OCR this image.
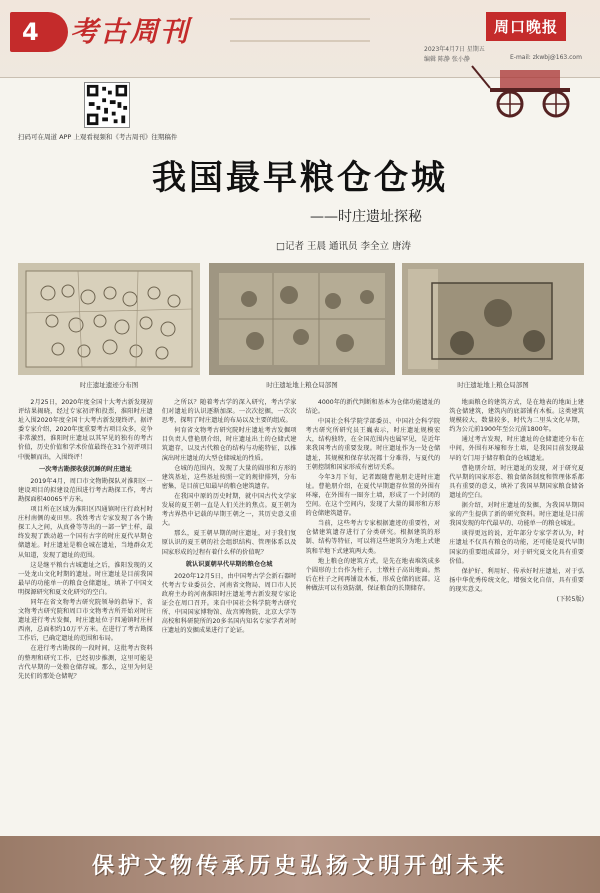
4	考古周刊	周口晚报
2023年4月7日 星期五
编辑 陈静 张小静	E-mail: zkwbj@163.com
扫码可在周道 APP 上观看视频和《考古周刊》往期稿件
我国最早粮仓仓城
——时庄遗址探秘
□记者 王晨 通讯员 李全立 唐涛
时庄遗址遗迹分布图	时庄遗址地上粮仓局部图	时庄遗址地上粮仓局部图

2月25日，2020年度全国十大考古新发现初评结果揭晓，经过专家初评和投票，淮阳时庄遗址入围2020年度全国十大考古新发现终评。据评委专家介绍，2020年度重要考古项目众多，竞争非常激烈，淮阳时庄遗址以其罕见的独有的考古价值，历史价值和学术价值最终在31个初评项目中脱颖而出，入围终评！

一次考古勘探收获沉睡的时庄遗址

2019年4月，周口市文物勘探队对淮阳区一建设项目的拟建设范围进行考古勘探工作，考古勘探面积40065平方米。

项目所在区域为淮阳区四通镇时庄行政村时庄村南侧的麦田里。我姓考古专家发现了各个勘探工人之间，从真叠等等出的一部一铲土样，最终发现了跌动越一个国有古字的时庄夏代早期仓储遗址。时庄遗址是粮仓城在遗址，当地群众无从知道，发现了遗址的范围。

这是继平粮台古城遗址之后，淮阳发现的又一处龙山文化时期的遗址。时庄遗址是目前我国最早的功能单一的粮食仓储遗址，填补了中国文明探源研究和夏文化研究的空白。

同年在省文物考古研究院领导的指导下，省文物考古研究院和周口市文物考古所开始对时庄遗址进行考古发掘，时庄遗址位于四通镇时庄村西南，总面积约10万平方米。在进行了考古勘探工作后，已确定遗址的范围和布局。

在进行考古勘探的一段时间，这批考古资料的整理和研究工作，已经初步推测，这里可能是古代早期的一处粮仓储存城。那么，这里为何是先民们的那处仓储呢？

之所以？随着考古学的深入研究，考古学家们对遗址的认识逐渐加深。一次次挖掘，一次次思考，探明了时庄遗址的布局以及主要的组成。

何育省文物考古研究院时庄遗址考古发掘项目负责人曹艳朋介绍，时庄遗址出土的仓储式建筑遗存，以及古代粮仓的结构与功能特征，以推演出时庄遗址的大型仓储城址的性质。

仓城的范围内，发现了大量的圆形和方形的建筑基址，这些基址按照一定的规律排列，分布密集，是目前已知最早的粮仓建筑遗存。

在我国中原的历史时期，就中国古代文学家发展的夏王朝一直是人们关注的焦点。夏王朝为考古界热中记载的早期王朝之一，其历史意义重大。

那么，夏王朝早期的时庄遗址，对于我们复原认识的夏王朝的社会组织结构、管理体系以及国家形成的过程有着什么样的价值呢？

就认识夏朝早代早期的粮仓仓城

2020年12月5日，由中国考古学会新石器时代考古专业委员会、河南省文物局、周口市人民政府主办的河南淮阳时庄遗址考古新发现专家论证会在周口召开。来自中国社会科学院考古研究所、中国国家博物馆、故宫博物院、北京大学等高校和科研院所的20多名国内知名专家学者对时庄遗址的发掘成果进行了论证。

4000年的新代判断和基本为仓储功能遗址的结论。

中国社会科学院学部委员、中国社会科学院考古研究所研究员王巍表示，时庄遗址规模宏大，结构独特，在全国范围内也属罕见，是近年来我国考古的重要发现。时庄遗址作为一处仓储遗址，其规模和保存状况都十分难得，与夏代的王朝控制和国家形成有密切关系。

今年3月下旬，记者跟随曹艳朋走进时庄遗址。曹艳朋介绍，在夏代早期遗存位置的外围有环壕，在外围有一圈夯土墙，形成了一个封闭的空间。在这个空间内，发现了大量的圆形和方形的仓储建筑遗存。

当前，这些考古专家根据遗迹的重要性，对仓储建筑遗存进行了分类研究。根据建筑的形制、结构等特征，可以将这些建筑分为地上式建筑和半地下式建筑两大类。

地上粮仓的建筑方式，是先在地表堆筑成多个圆形的土台作为柱子，土墩柱子高出地面。然后在柱子之间再铺设木板，形成仓储的底部。这种做法可以有效防潮，保证粮食的长期储存。

地面粮仓的建筑方式，是在地表的地面上建筑仓储建筑，建筑内的底部铺有木板。这类建筑规模较大，数量较多，时代为二里头文化早期，约为公元前1900年至公元前1800年。

通过考古发现，时庄遗址的仓储遗迹分布在中间，外围有环壕和夯土墙，是我国目前发现最早的专门用于储存粮食的仓城遗址。

曹艳朋介绍，时庄遗址的发现，对于研究夏代早期的国家形态、粮食储备制度和管理体系都具有重要的意义，填补了我国早期国家粮食储备遗址的空白。

据介绍，对时庄遗址的发掘，为我国早期国家的产生提供了新的研究资料。时庄遗址是目前我国发现的年代最早的、功能单一的粮仓城址。

谈得更远的说，近年部分专家学者认为，时庄遗址不仅具有粮仓的功能，还可能是夏代早期国家的重要组成部分，对于研究夏文化具有重要价值。

保护好、利用好、传承好时庄遗址，对于弘扬中华优秀传统文化，增强文化自信，具有重要的现实意义。

(下转5版)

保护文物 传承历史 弘扬文明 开创未来
